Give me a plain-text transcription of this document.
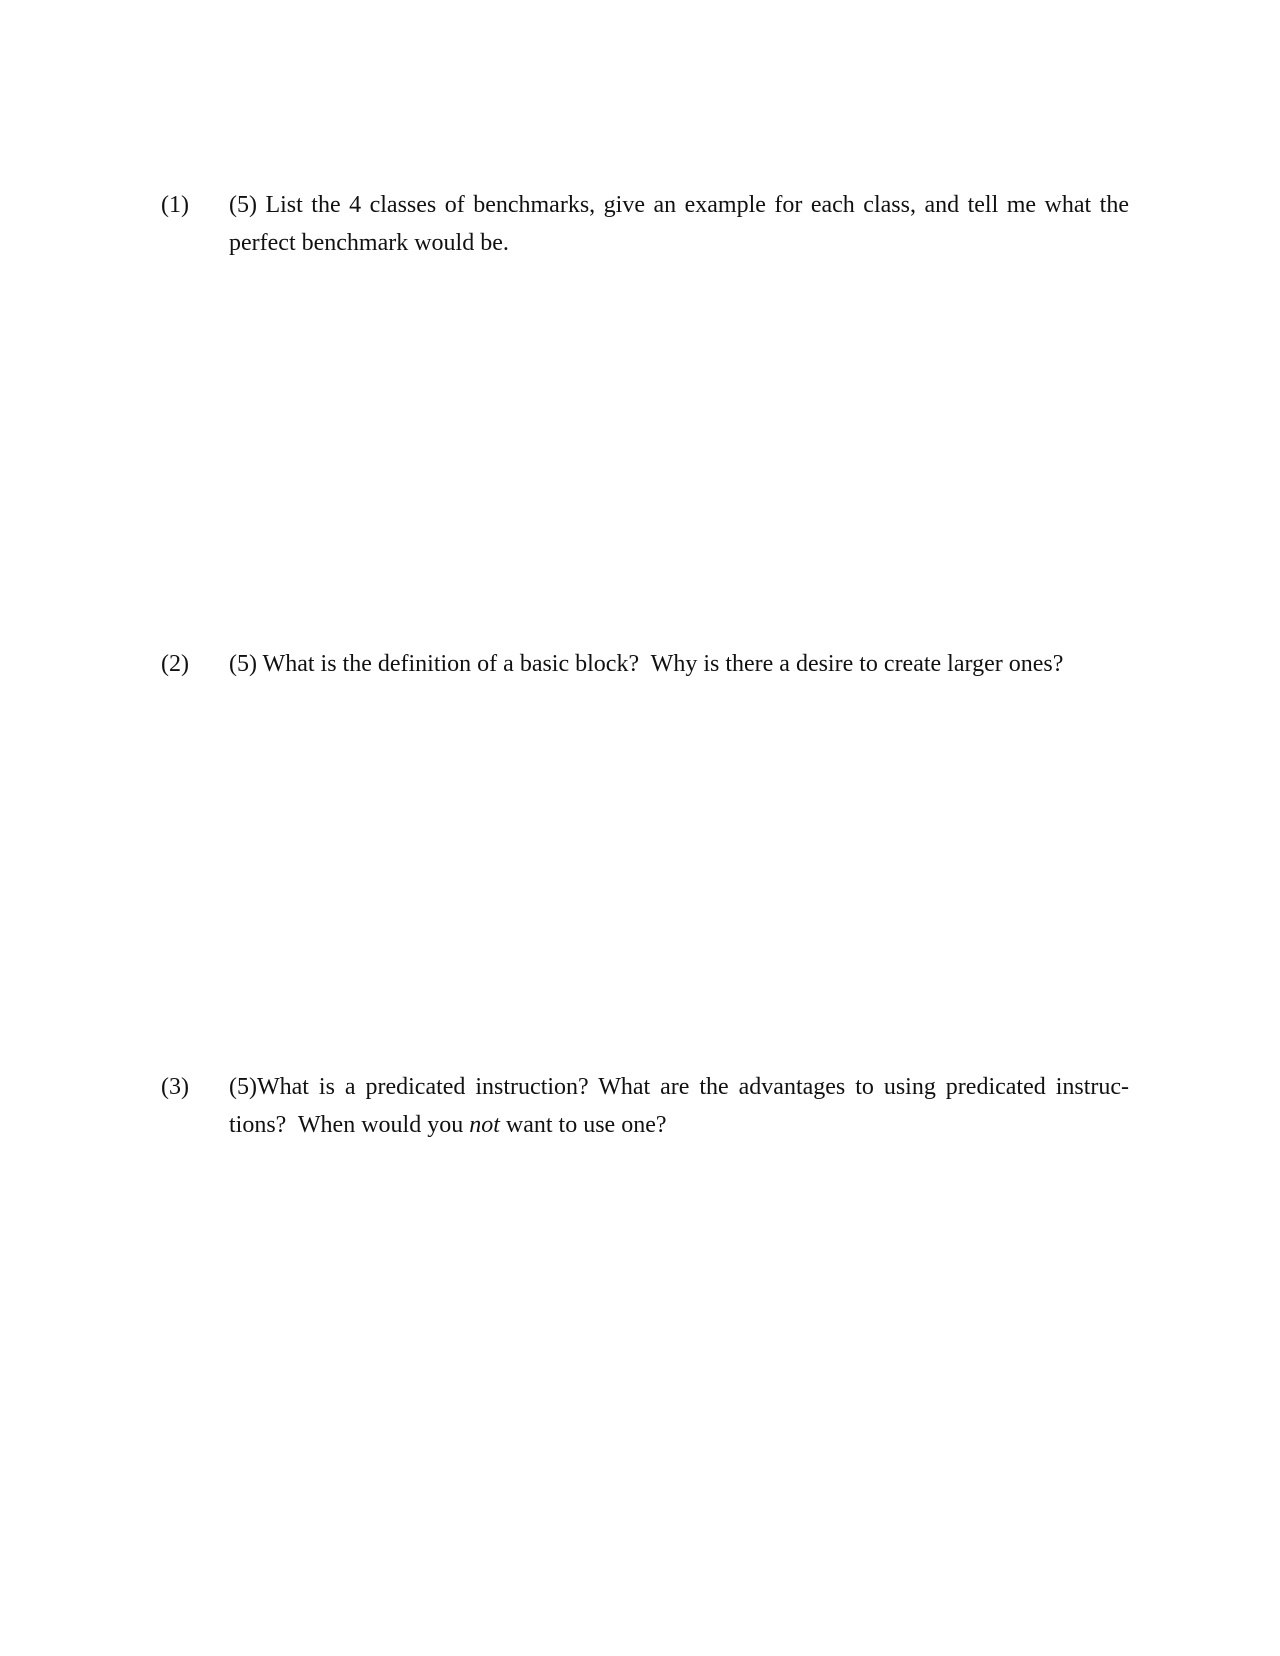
(1) (5) List the 4 classes of benchmarks, give an example for each class, and tell me what the
perfect benchmark would be.
(2) (5) What is the definition of a basic block?  Why is there a desire to create larger ones?
(3) (5)What is a predicated instruction? What are the advantages to using predicated instruc-
tions?  When would you not want to use one?
